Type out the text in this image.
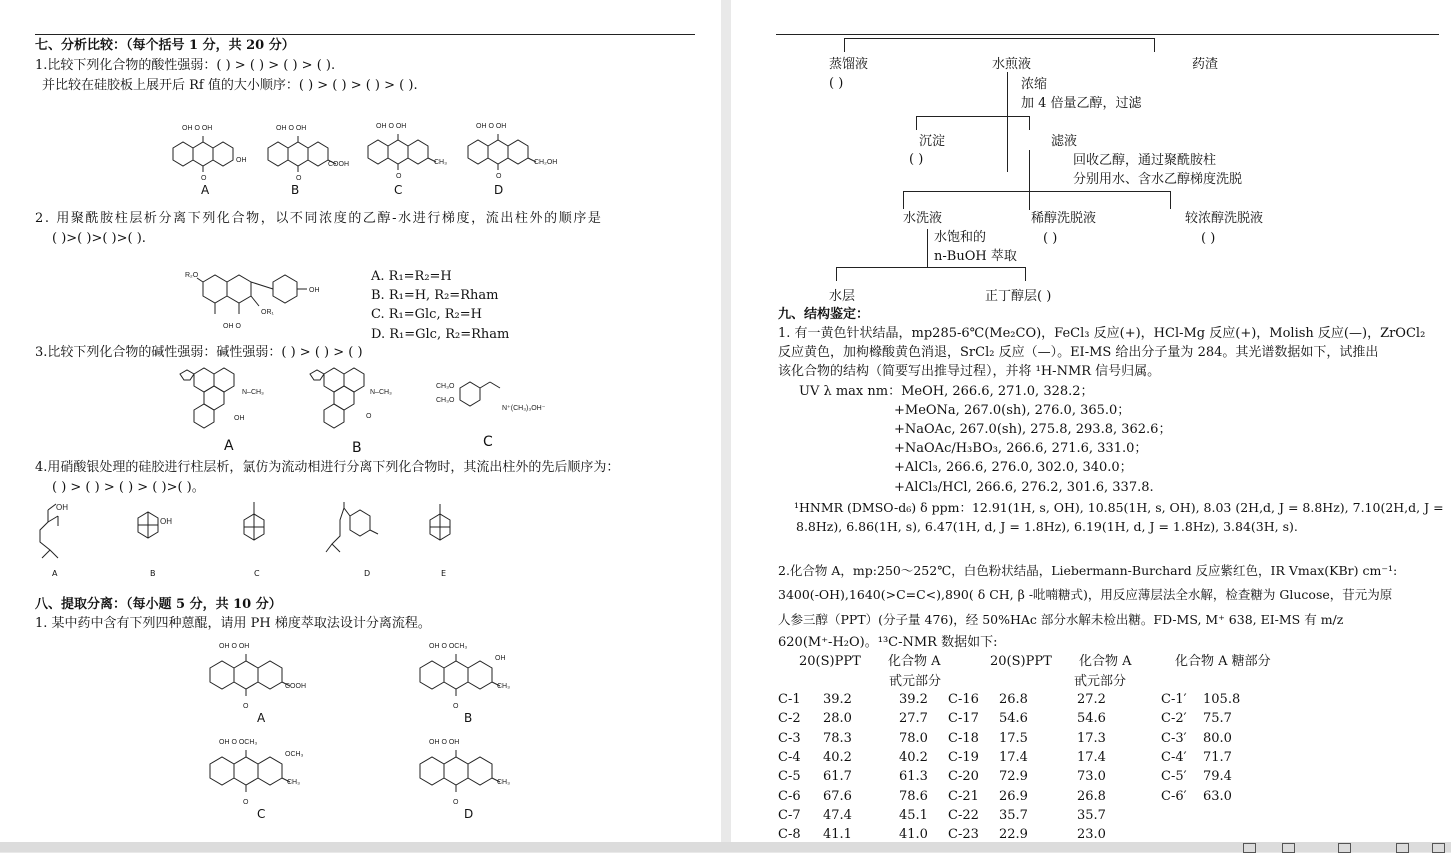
七、分析比较：（每个括号 1 分，共 20 分）
1.比较下列化合物的酸性强弱：( ) > ( ) > ( ) > ( ).
并比较在硅胶板上展开后 Rf 值的大小顺序：( ) > ( ) > ( ) > ( ).
OH O OH
OH
O
OH O OH
COOH
O
OH O OH
CH₃
O
OH O OH
CH₂OH
O
A	B	C	D
2. 用聚酰胺柱层析分离下列化合物，以不同浓度的乙醇-水进行梯度，流出柱外的顺序是
( )>( )>( )>( ).
R₂O
OH
OR₁
OH O
A. R₁=R₂=H
B. R₁=H, R₂=Rham
C. R₁=Glc, R₂=H
D. R₁=Glc, R₂=Rham
3.比较下列化合物的碱性强弱：碱性强弱：( ) > ( ) > ( )
N–CH₃
OH
N–CH₃
O
CH₃O
CH₃O
N⁺(CH₃)₃OH⁻
A	B	C
4.用硝酸银处理的硅胶进行柱层析，氯仿为流动相进行分离下列化合物时，其流出柱外的先后顺序为：
( ) > ( ) > ( ) > ( )>( )。
OH
OH
A	B	C	D	E
八、提取分离：（每小题 5 分，共 10 分）
1. 某中药中含有下列四种蒽醌，请用 PH 梯度萃取法设计分离流程。
OH O OH
COOH
O
OH O OCH₃
OH
CH₃
O
OH O OCH₃
OCH₃
CH₃
O
OH O OH
CH₃
O
A	B
C	D
蒸馏液
( )
水煎液	药渣
浓缩
加 4 倍量乙醇，过滤
沉淀
( )
滤液
回收乙醇，通过聚酰胺柱
分别用水、含水乙醇梯度洗脱
水洗液	稀醇洗脱液
( )
较浓醇洗脱液
( )
水饱和的
n-BuOH 萃取
水层	正丁醇层( )
九、结构鉴定：
1. 有一黄色针状结晶，mp285-6℃(Me₂CO)，FeCl₃ 反应(+)，HCl-Mg 反应(+)，Molish 反应(—)，ZrOCl₂
反应黄色，加枸橼酸黄色消退，SrCl₂ 反应（—）。EI-MS 给出分子量为 284。其光谱数据如下，试推出
该化合物的结构（简要写出推导过程），并将 ¹H-NMR 信号归属。
UV λ max nm：MeOH, 266.6, 271.0, 328.2；
+MeONa, 267.0(sh), 276.0, 365.0；
+NaOAc, 267.0(sh), 275.8, 293.8, 362.6；
+NaOAc/H₃BO₃, 266.6, 271.6, 331.0；
+AlCl₃, 266.6, 276.0, 302.0, 340.0；
+AlCl₃/HCl, 266.6, 276.2, 301.6, 337.8.
¹HNMR (DMSO-d₆) δ ppm：12.91(1H, s, OH), 10.85(1H, s, OH), 8.03 (2H,d, J = 8.8Hz), 7.10(2H,d, J =
8.8Hz), 6.86(1H, s), 6.47(1H, d, J = 1.8Hz), 6.19(1H, d, J = 1.8Hz), 3.84(3H, s).
2.化合物 A，mp:250～252℃，白色粉状结晶，Liebermann-Burchard 反应紫红色，IR Vmax(KBr) cm⁻¹:
3400(-OH),1640(>C=C<),890( δ CH, β -吡喃糖式)，用反应薄层法全水解，检查糖为 Glucose，苷元为原
人参三醇（PPT）(分子量 476)，经 50%HAc 部分水解未检出糖。FD-MS, M⁺ 638, EI-MS 有 m/z
620(M⁺-H₂O)。¹³C-NMR 数据如下:
20(S)PPT 化合物 A	20(S)PPT 化合物 A	化合物 A 糖部分
甙元部分	甙元部分
C-1 39.2	39.2 C-16 26.8	27.2	C-1′ 105.8
C-2 28.0	27.7 C-17 54.6	54.6	C-2′ 75.7
C-3 78.3	78.0 C-18 17.5	17.3	C-3′ 80.0
C-4 40.2	40.2 C-19 17.4	17.4	C-4′ 71.7
C-5 61.7	61.3 C-20 72.9	73.0	C-5′ 79.4
C-6 67.6	78.6 C-21 26.9	26.8	C-6′ 63.0
C-7 47.4	45.1 C-22 35.7	35.7
C-8 41.1	41.0 C-23 22.9	23.0
